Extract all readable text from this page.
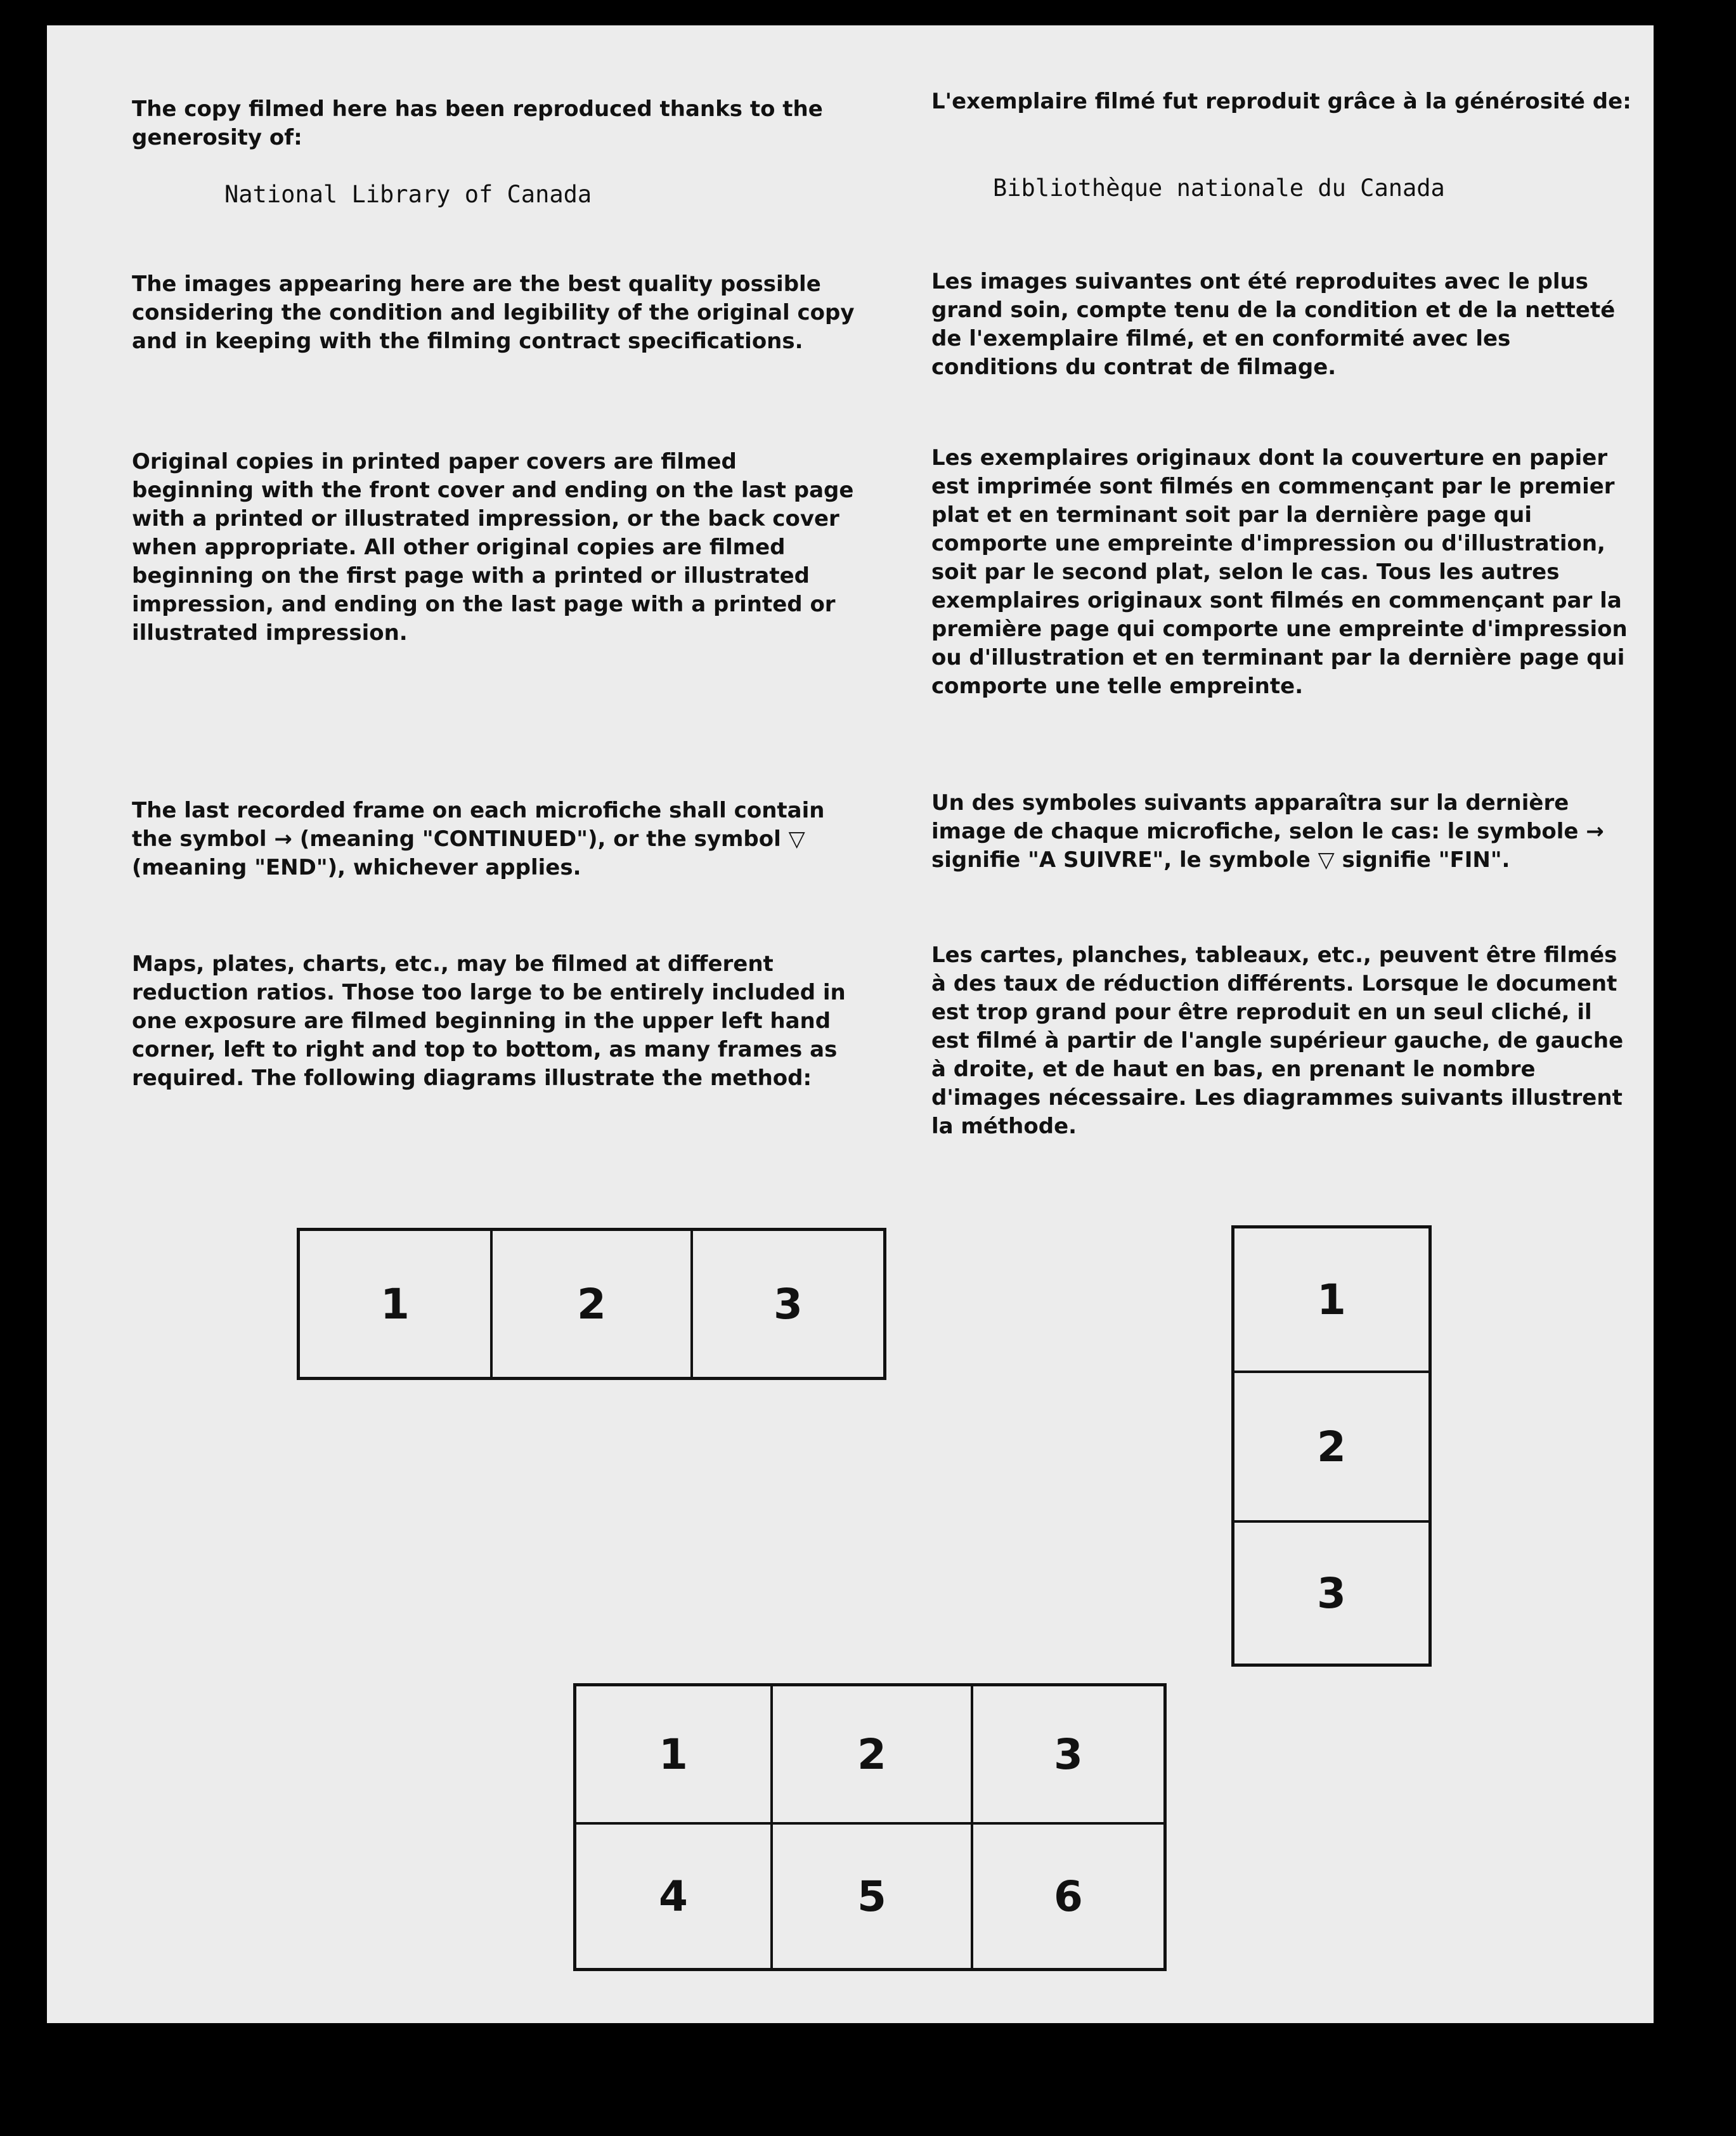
The copy filmed here has been reproduced thanks to the generosity of:

National Library of Canada

The images appearing here are the best quality possible considering the condition and legibility of the original copy and in keeping with the filming contract specifications.

Original copies in printed paper covers are filmed beginning with the front cover and ending on the last page with a printed or illustrated impression, or the back cover when appropriate. All other original copies are filmed beginning on the first page with a printed or illustrated impression, and ending on the last page with a printed or illustrated impression.

The last recorded frame on each microfiche shall contain the symbol → (meaning "CONTINUED"), or the symbol ▽ (meaning "END"), whichever applies.

Maps, plates, charts, etc., may be filmed at different reduction ratios. Those too large to be entirely included in one exposure are filmed beginning in the upper left hand corner, left to right and top to bottom, as many frames as required. The following diagrams illustrate the method:

L'exemplaire filmé fut reproduit grâce à la générosité de:

Bibliothèque nationale du Canada

Les images suivantes ont été reproduites avec le plus grand soin, compte tenu de la condition et de la netteté de l'exemplaire filmé, et en conformité avec les conditions du contrat de filmage.

Les exemplaires originaux dont la couverture en papier est imprimée sont filmés en commençant par le premier plat et en terminant soit par la dernière page qui comporte une empreinte d'impression ou d'illustration, soit par le second plat, selon le cas. Tous les autres exemplaires originaux sont filmés en commençant par la première page qui comporte une empreinte d'impression ou d'illustration et en terminant par la dernière page qui comporte une telle empreinte.

Un des symboles suivants apparaîtra sur la dernière image de chaque microfiche, selon le cas: le symbole → signifie "A SUIVRE", le symbole ▽ signifie "FIN".

Les cartes, planches, tableaux, etc., peuvent être filmés à des taux de réduction différents. Lorsque le document est trop grand pour être reproduit en un seul cliché, il est filmé à partir de l'angle supérieur gauche, de gauche à droite, et de haut en bas, en prenant le nombre d'images nécessaire. Les diagrammes suivants illustrent la méthode.

1	2	3	1
2
3
1	2	3
4	5	6
